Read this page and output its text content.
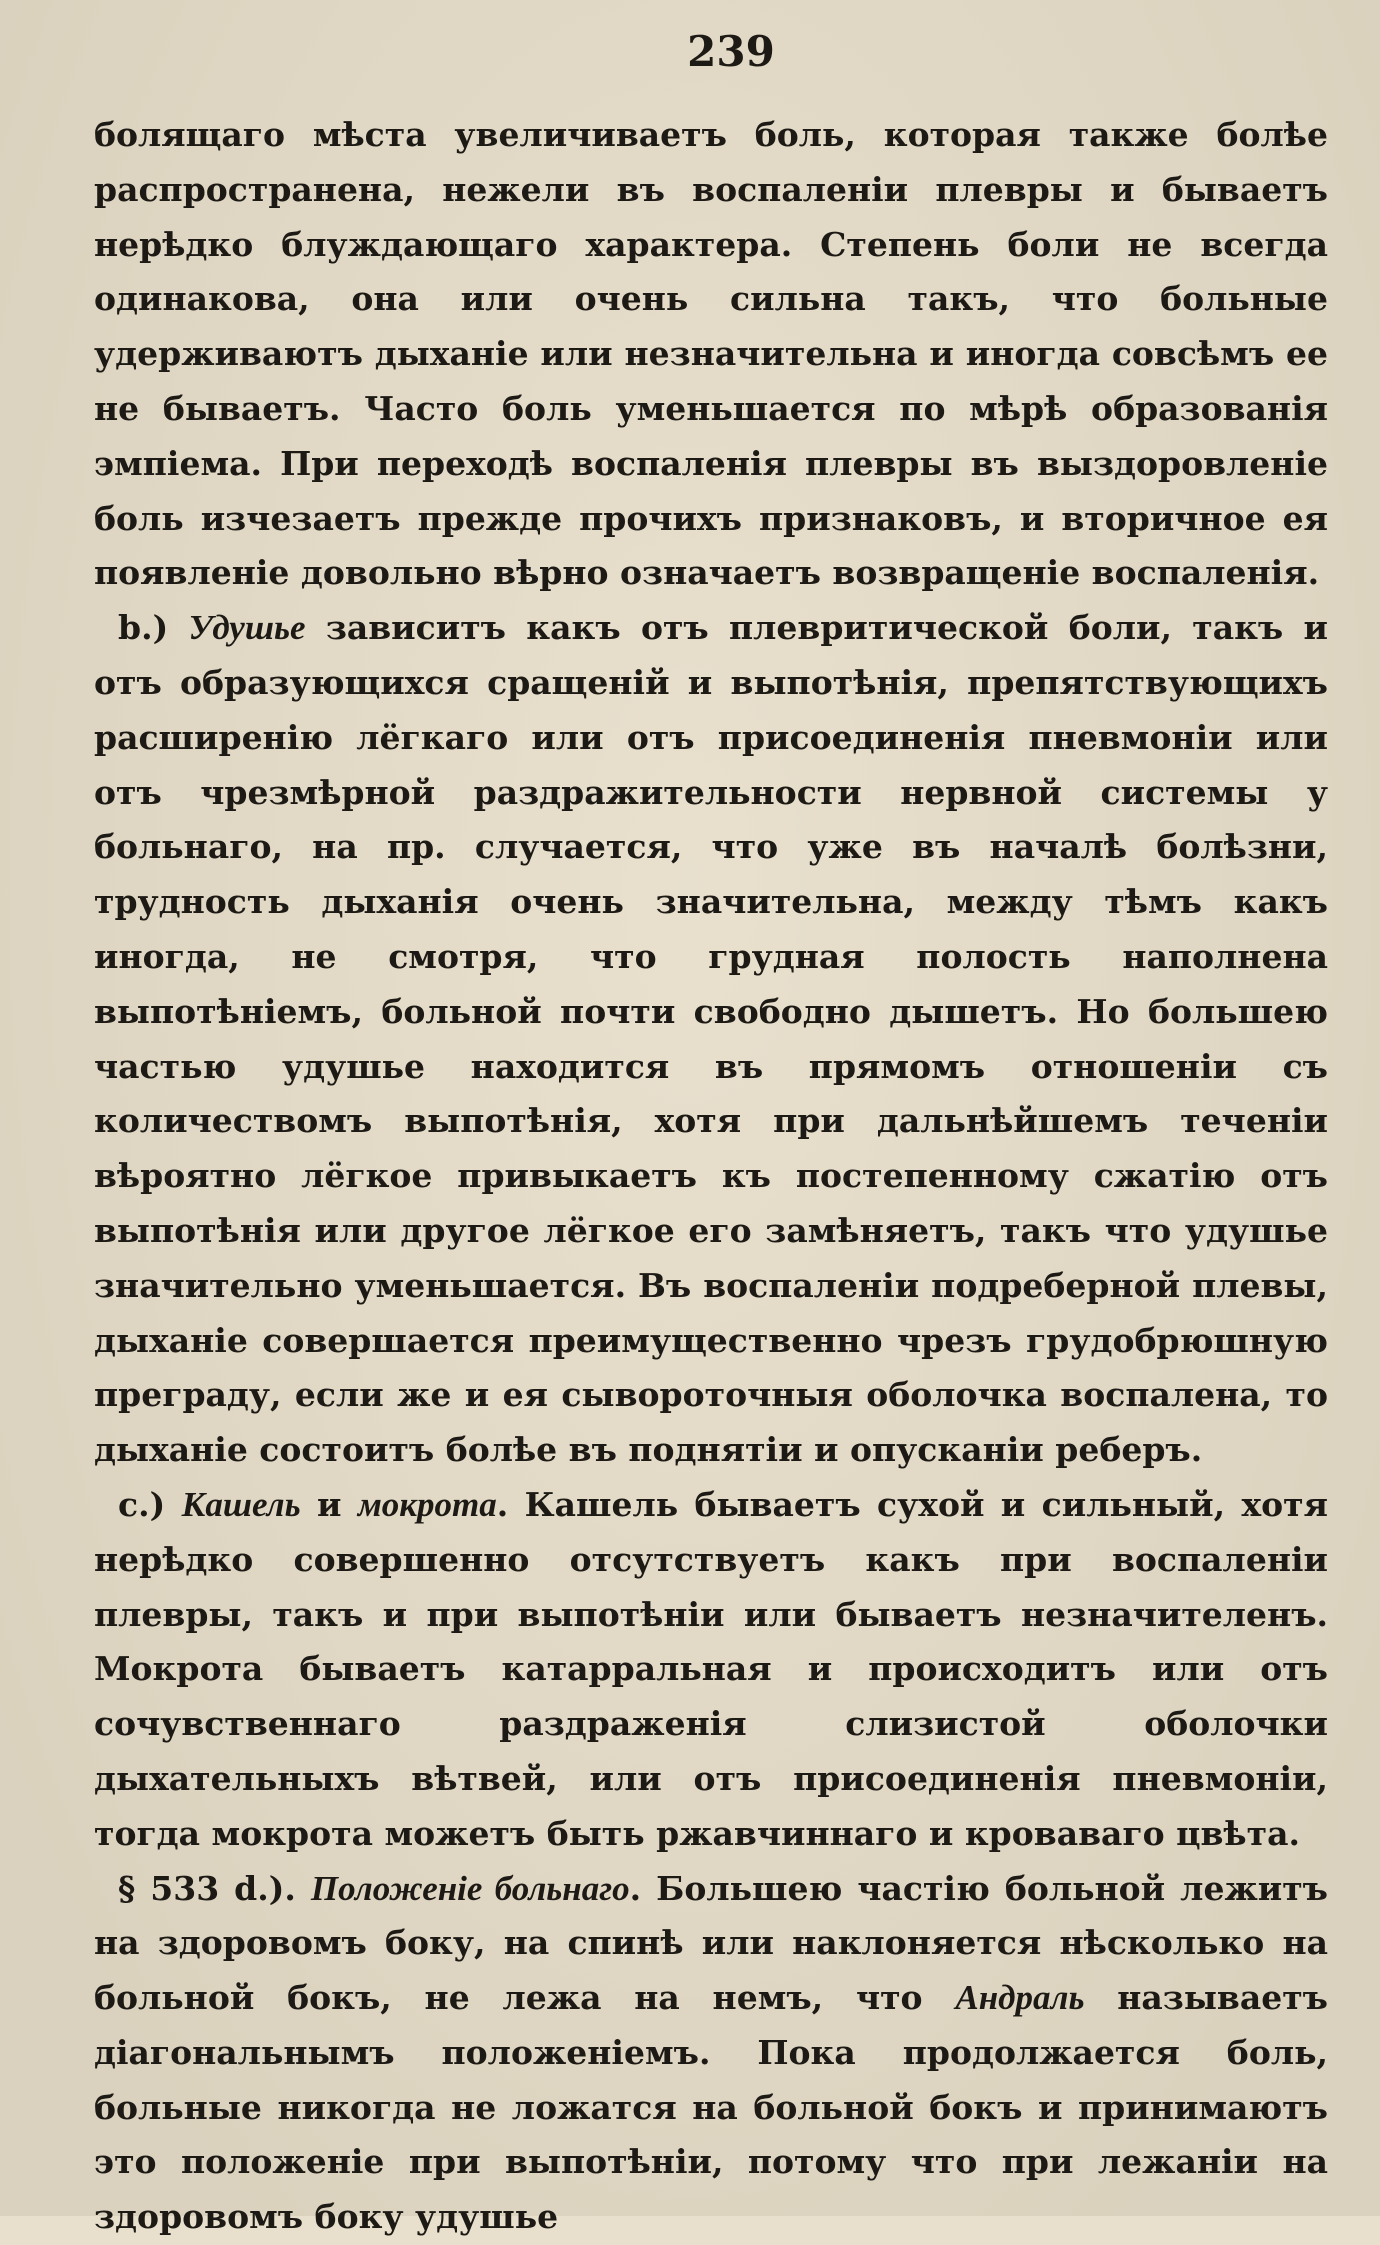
239

болящаго мѣста увеличиваетъ боль, которая также болѣе распространена, нежели въ воспаленіи плевры и бываетъ нерѣдко блуждающаго характера. Степень боли не всегда одинакова, она или очень сильна такъ, что больные удерживаютъ дыханіе или незначительна и иногда совсѣмъ ее не бываетъ. Часто боль уменьшается по мѣрѣ образованія эмпіема. При переходѣ воспаленія плевры въ выздоровленіе боль изчезаетъ прежде прочихъ признаковъ, и вторичное ея появленіе довольно вѣрно означаетъ возвращеніе воспаленія.

b.) Удушье зависитъ какъ отъ плевритической боли, такъ и отъ образующихся сращеній и выпотѣнія, препятствующихъ расширенію лёгкаго или отъ присоединенія пневмоніи или отъ чрезмѣрной раздражительности нервной системы у больнаго, на пр. случается, что уже въ началѣ болѣзни, трудность дыханія очень значительна, между тѣмъ какъ иногда, не смотря, что грудная полость наполнена выпотѣніемъ, больной почти свободно дышетъ. Но большею частью удушье находится въ прямомъ отношеніи съ количествомъ выпотѣнія, хотя при дальнѣйшемъ теченіи вѣроятно лёгкое привыкаетъ къ постепенному сжатію отъ выпотѣнія или другое лёгкое его замѣняетъ, такъ что удушье значительно уменьшается. Въ воспаленіи подреберной плевы, дыханіе совершается преимущественно чрезъ грудобрюшную преграду, если же и ея сывороточныя оболочка воспалена, то дыханіе состоитъ болѣе въ поднятіи и опусканіи реберъ.

c.) Кашель и мокрота. Кашель бываетъ сухой и сильный, хотя нерѣдко совершенно отсутствуетъ какъ при воспаленіи плевры, такъ и при выпотѣніи или бываетъ незначителенъ. Мокрота бываетъ катарральная и происходитъ или отъ сочувственнаго раздраженія слизистой оболочки дыхательныхъ вѣтвей, или отъ присоединенія пневмоніи, тогда мокрота можетъ быть ржавчиннаго и кроваваго цвѣта.

§ 533 d.). Положеніе больнаго. Большею частію больной лежитъ на здоровомъ боку, на спинѣ или наклоняется нѣсколько на больной бокъ, не лежа на немъ, что Андраль называетъ діагональнымъ положеніемъ. Пока продолжается боль, больные никогда не ложатся на больной бокъ и принимаютъ это положеніе при выпотѣніи, потому что при лежаніи на здоровомъ боку удушье
